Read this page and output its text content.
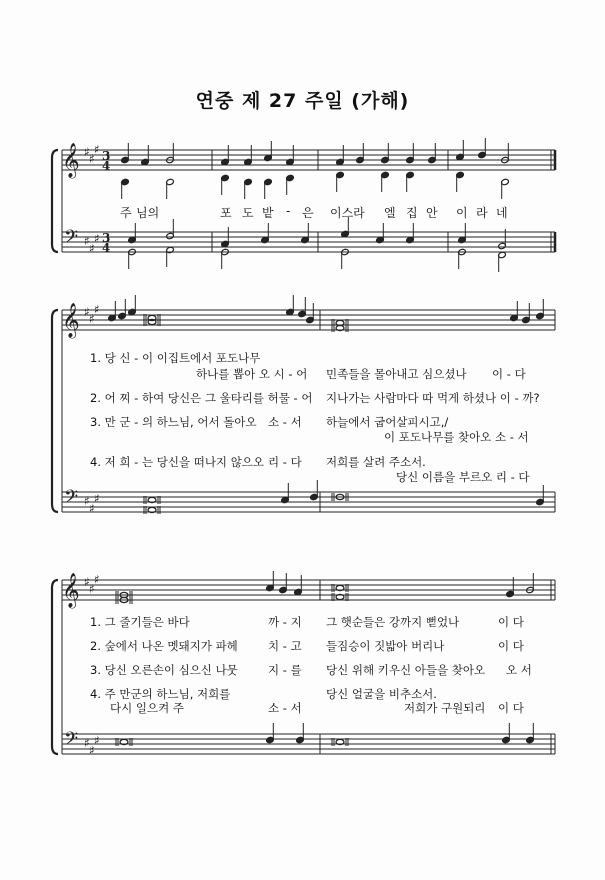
연중 제 27 주일 (가해)
𝄞
𝄢
♯ ♯
♯
♯
♯
♯
3
4
3
4
𝄞
𝄢
♯ ♯
♯
♯
♯
♯
𝄞
𝄢
♯ ♯
♯
♯
♯
♯
주 님의	포 도 밭 - 은 이스라 엘 집 안 이 라 네
1. 당 신 - 이 이집트에서 포도나무
하나를 뽑아 오 시 - 어 민족들을 몰아내고 심으셨나 이 - 다
2. 어 찌 - 하여 당신은 그 울타리를 허물 - 어 지나가는 사람마다 따 먹게 하셨나 이 - 까?
3. 만 군 - 의 하느님, 어서 돌아오 소 - 서 하늘에서 굽어살피시고,/
이 포도나무를 찾아오 소 - 서
4. 저 희 - 는 당신을 떠나지 않으오 리 - 다 저희를 살려 주소서.
당신 이름을 부르오 리 - 다
1. 그 줄기들은 바다	까 - 지 그 햇순들은 강까지 뻗었나	이 다
2. 숲에서 나온 멧돼지가 파헤	치 - 고 들짐승이 짓밟아 버리나	이 다
3. 당신 오른손이 심으신 나뭇	지 - 를 당신 위해 키우신 아들을 찾아오 오 서
4. 주 만군의 하느님, 저희를
다시 일으켜 주	소 - 서
당신 얼굴을 비추소서.
저희가 구원되리 이 다
